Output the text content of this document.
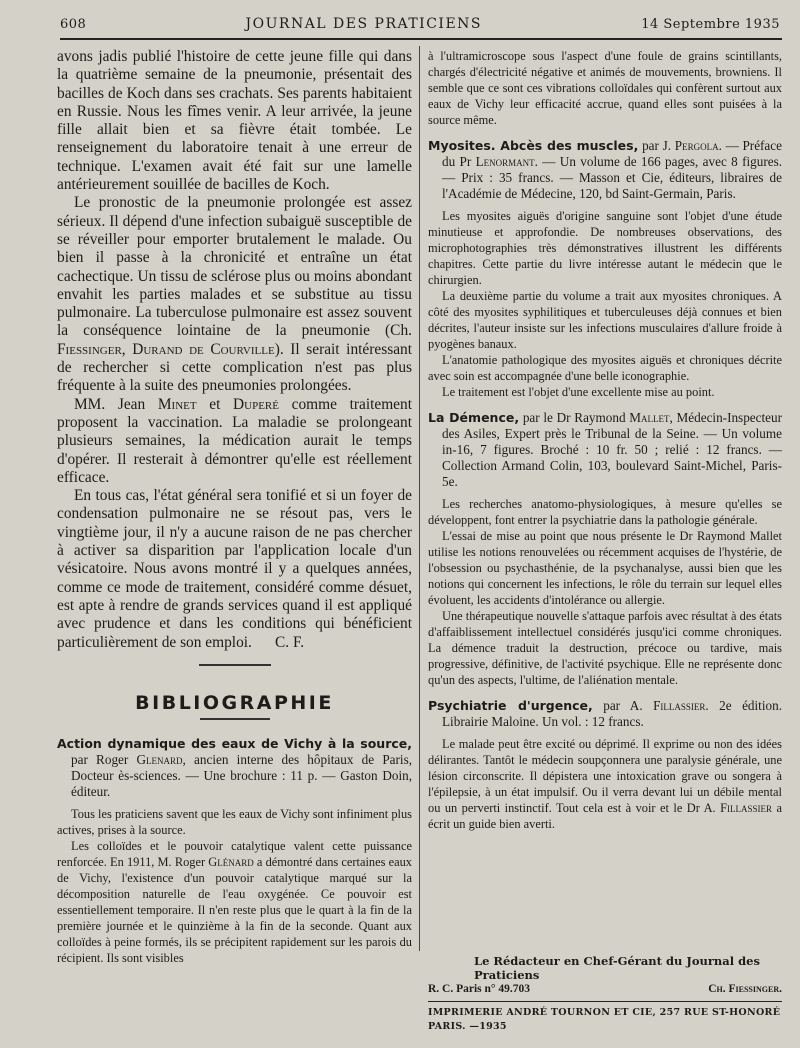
608	JOURNAL DES PRATICIENS	14 Septembre 1935

avons jadis publié l'histoire de cette jeune fille qui dans la quatrième semaine de la pneumonie, présentait des bacilles de Koch dans ses crachats. Ses parents habitaient en Russie. Nous les fîmes venir. A leur arrivée, la jeune fille allait bien et sa fièvre était tombée. Le renseignement du laboratoire tenait à une erreur de technique. L'examen avait été fait sur une lamelle antérieurement souillée de bacilles de Koch.

Le pronostic de la pneumonie prolongée est assez sérieux. Il dépend d'une infection subaiguë susceptible de se réveiller pour emporter brutalement le malade. Ou bien il passe à la chronicité et entraîne un état cachectique. Un tissu de sclérose plus ou moins abondant envahit les parties malades et se substitue au tissu pulmonaire. La tuberculose pulmonaire est assez souvent la conséquence lointaine de la pneumonie (Ch. Fiessinger, Durand de Courville). Il serait intéressant de rechercher si cette complication n'est pas plus fréquente à la suite des pneumonies prolongées.

MM. Jean Minet et Duperé comme traitement proposent la vaccination. La maladie se prolongeant plusieurs semaines, la médication aurait le temps d'opérer. Il resterait à démontrer qu'elle est réellement efficace.

En tous cas, l'état général sera tonifié et si un foyer de condensation pulmonaire ne se résout pas, vers le vingtième jour, il n'y a aucune raison de ne pas chercher à activer sa disparition par l'application locale d'un vésicatoire. Nous avons montré il y a quelques années, comme ce mode de traitement, considéré comme désuet, est apte à rendre de grands services quand il est appliqué avec prudence et dans les conditions qui bénéficient particulièrement de son emploi. C. F.

BIBLIOGRAPHIE

Action dynamique des eaux de Vichy à la source, par Roger Glenard, ancien interne des hôpitaux de Paris, Docteur ès-sciences. — Une brochure : 11 p. — Gaston Doin, éditeur.

Tous les praticiens savent que les eaux de Vichy sont infiniment plus actives, prises à la source.

Les colloïdes et le pouvoir catalytique valent cette puissance renforcée. En 1911, M. Roger Glénard a démontré dans certaines eaux de Vichy, l'existence d'un pouvoir catalytique marqué sur la décomposition naturelle de l'eau oxygénée. Ce pouvoir est essentiellement temporaire. Il n'en reste plus que le quart à la fin de la première journée et le quinzième à la fin de la seconde. Quant aux colloïdes à peine formés, ils se précipitent rapidement sur les parois du récipient. Ils sont visibles

à l'ultramicroscope sous l'aspect d'une foule de grains scintillants, chargés d'électricité négative et animés de mouvements, browniens. Il semble que ce sont ces vibrations colloïdales qui confèrent surtout aux eaux de Vichy leur efficacité accrue, quand elles sont puisées à la source même.

Myosites. Abcès des muscles, par J. Pergola. — Préface du Pr Lenormant. — Un volume de 166 pages, avec 8 figures. — Prix : 35 francs. — Masson et Cie, éditeurs, libraires de l'Académie de Médecine, 120, bd Saint-Germain, Paris.

Les myosites aiguës d'origine sanguine sont l'objet d'une étude minutieuse et approfondie. De nombreuses observations, des microphotographies très démonstratives illustrent les différents chapitres. Cette partie du livre intéresse autant le médecin que le chirurgien.

La deuxième partie du volume a trait aux myosites chroniques. A côté des myosites syphilitiques et tuberculeuses déjà connues et bien décrites, l'auteur insiste sur les infections musculaires d'allure froide à pyogènes banaux.

L'anatomie pathologique des myosites aiguës et chroniques décrite avec soin est accompagnée d'une belle iconographie.

Le traitement est l'objet d'une excellente mise au point.

La Démence, par le Dr Raymond Mallet, Médecin-Inspecteur des Asiles, Expert près le Tribunal de la Seine. — Un volume in-16, 7 figures. Broché : 10 fr. 50 ; relié : 12 francs. — Collection Armand Colin, 103, boulevard Saint-Michel, Paris-5e.

Les recherches anatomo-physiologiques, à mesure qu'elles se développent, font entrer la psychiatrie dans la pathologie générale.

L'essai de mise au point que nous présente le Dr Raymond Mallet utilise les notions renouvelées ou récemment acquises de l'hystérie, de l'obsession ou psychasthénie, de la psychanalyse, aussi bien que les notions qui concernent les infections, le rôle du terrain sur lequel elles évoluent, les accidents d'intolérance ou allergie.

Une thérapeutique nouvelle s'attaque parfois avec résultat à des états d'affaiblissement intellectuel considérés jusqu'ici comme chroniques. La démence traduit la destruction, précoce ou tardive, mais progressive, définitive, de l'activité psychique. Elle ne représente donc qu'un des aspects, l'ultime, de l'aliénation mentale.

Psychiatrie d'urgence, par A. Fillassier. 2e édition. Librairie Maloine. Un vol. : 12 francs.

Le malade peut être excité ou déprimé. Il exprime ou non des idées délirantes. Tantôt le médecin soupçonnera une paralysie générale, une lésion circonscrite. Il dépistera une intoxication grave ou songera à l'épilepsie, à un état impulsif. Ou il verra devant lui un débile mental ou un perverti instinctif. Tout cela est à voir et le Dr A. Fillassier a écrit un guide bien averti.

Le Rédacteur en Chef-Gérant du Journal des Praticiens
R. C. Paris n° 49.703	Ch. Fiessinger.
IMPRIMERIE ANDRÉ TOURNON ET CIE, 257 RUE ST-HONORÉ PARIS. —1935
